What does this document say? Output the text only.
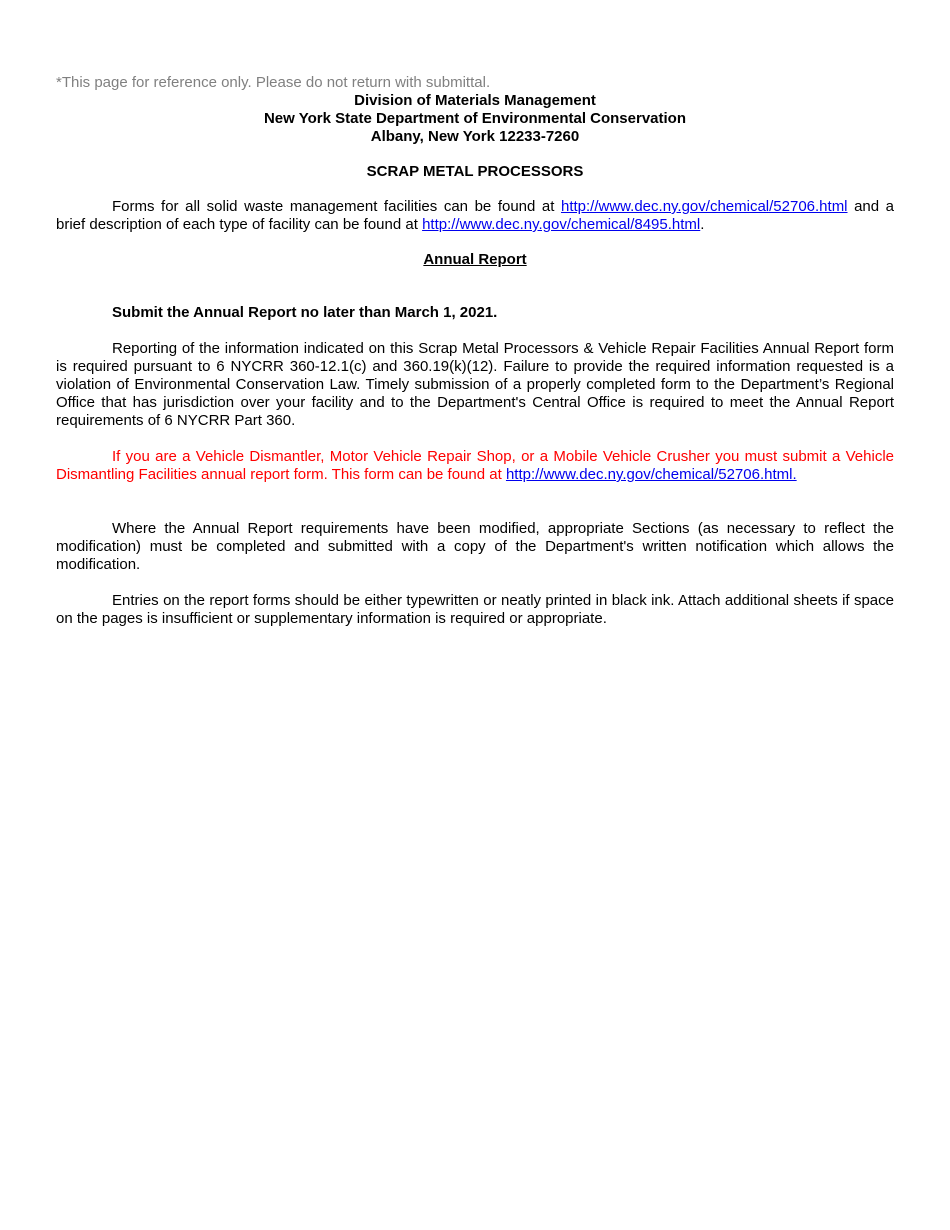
*This page for reference only. Please do not return with submittal.

Division of Materials Management

New York State Department of Environmental Conservation

Albany, New York 12233-7260

SCRAP METAL PROCESSORS

Forms for all solid waste management facilities can be found at http://www.dec.ny.gov/chemical/52706.html and a brief description of each type of facility can be found at http://www.dec.ny.gov/chemical/8495.html.

Annual Report

Submit the Annual Report no later than March 1, 2021.

Reporting of the information indicated on this Scrap Metal Processors & Vehicle Repair Facilities Annual Report form is required pursuant to 6 NYCRR 360-12.1(c) and 360.19(k)(12). Failure to provide the required information requested is a violation of Environmental Conservation Law. Timely submission of a properly completed form to the Department’s Regional Office that has jurisdiction over your facility and to the Department's Central Office is required to meet the Annual Report requirements of 6 NYCRR Part 360.

If you are a Vehicle Dismantler, Motor Vehicle Repair Shop, or a Mobile Vehicle Crusher you must submit a Vehicle Dismantling Facilities annual report form. This form can be found at http://www.dec.ny.gov/chemical/52706.html.

Where the Annual Report requirements have been modified, appropriate Sections (as necessary to reflect the modification) must be completed and submitted with a copy of the Department's written notification which allows the modification.

Entries on the report forms should be either typewritten or neatly printed in black ink. Attach additional sheets if space on the pages is insufficient or supplementary information is required or appropriate.
